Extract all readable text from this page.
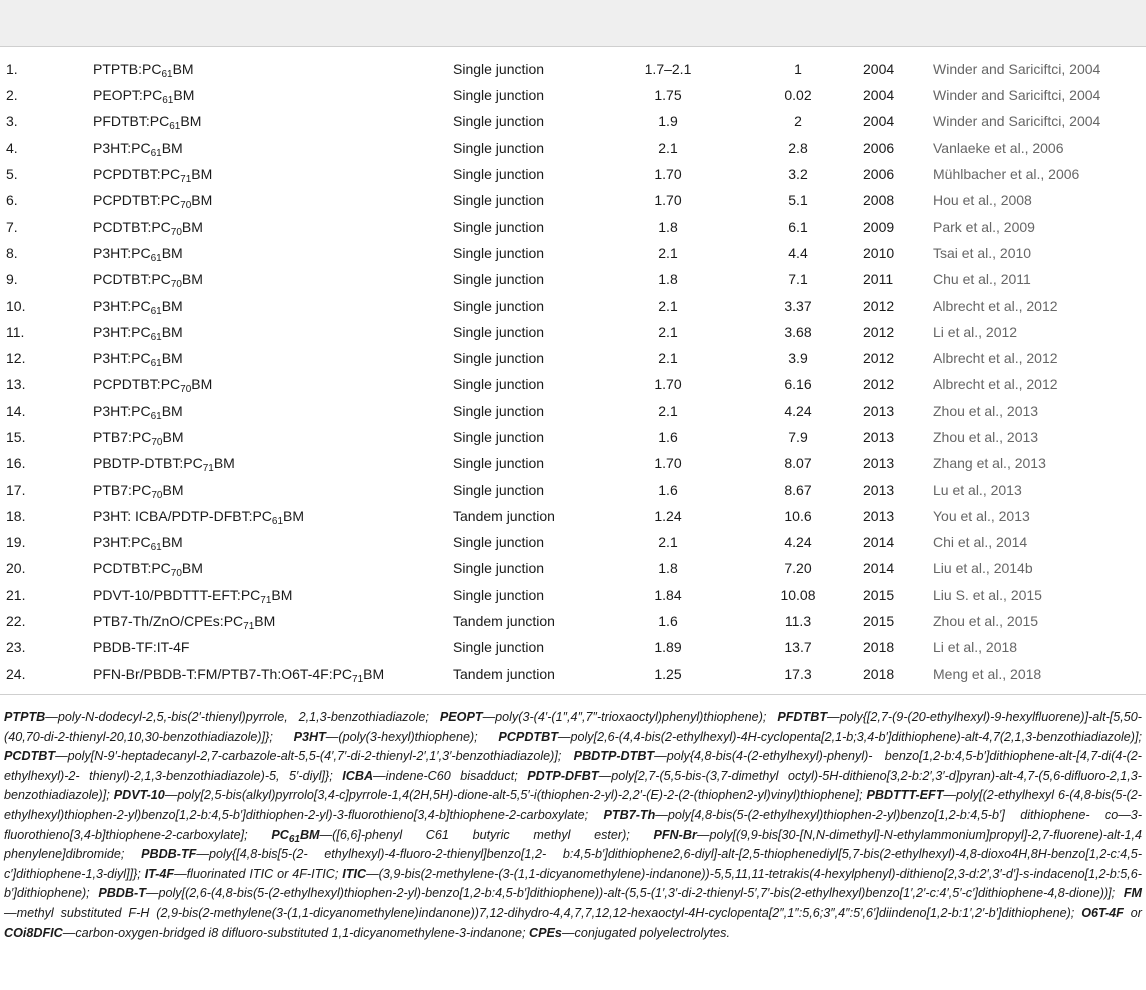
1.	$PTPTB:PC_{61}BM$	Single junction	1.7–2.1	1	2004	Winder and Sariciftci, 2004
2.	$PEOPT:PC_{61}BM$	Single junction	1.75	0.02	2004	Winder and Sariciftci, 2004
3.	$PFDTBT:PC_{61}BM$	Single junction	1.9	2	2004	Winder and Sariciftci, 2004
4.	$P3HT:PC_{61}BM$	Single junction	2.1	2.8	2006	Vanlaeke et al., 2006
5.	$PCPDTBT:PC_{71}BM$	Single junction	1.70	3.2	2006	Mühlbacher et al., 2006
6.	$PCPDTBT:PC_{70}BM$	Single junction	1.70	5.1	2008	Hou et al., 2008
7.	$PCDTBT:PC_{70}BM$	Single junction	1.8	6.1	2009	Park et al., 2009
8.	$P3HT:PC_{61}BM$	Single junction	2.1	4.4	2010	Tsai et al., 2010
9.	$PCDTBT:PC_{70}BM$	Single junction	1.8	7.1	2011	Chu et al., 2011
10.	$P3HT:PC_{61}BM$	Single junction	2.1	3.37	2012	Albrecht et al., 2012
11.	$P3HT:PC_{61}BM$	Single junction	2.1	3.68	2012	Li et al., 2012
12.	$P3HT:PC_{61}BM$	Single junction	2.1	3.9	2012	Albrecht et al., 2012
13.	$PCPDTBT:PC_{70}BM$	Single junction	1.70	6.16	2012	Albrecht et al., 2012
14.	$P3HT:PC_{61}BM$	Single junction	2.1	4.24	2013	Zhou et al., 2013
15.	$PTB7:PC_{70}BM$	Single junction	1.6	7.9	2013	Zhou et al., 2013
16.	PBDTP-$DTBT:PC_{71}BM$	Single junction	1.70	8.07	2013	Zhang et al., 2013
17.	$PTB7:PC_{70}BM$	Single junction	1.6	8.67	2013	Lu et al., 2013
18.	P3HT: ICBA/$PDTP-DFBT:PC_{61}BM$	Tandem junction	1.24	10.6	2013	You et al., 2013
19.	$P3HT:PC_{61}BM$	Single junction	2.1	4.24	2014	Chi et al., 2014
20.	$PCDTBT:PC_{70}BM$	Single junction	1.8	7.20	2014	Liu et al., 2014b
21.	PDVT-$10/PBDTTT-EFT:PC_{71}BM$	Single junction	1.84	10.08	2015	Liu S. et al., 2015
22.	$PTB7-Th/ZnO/CPEs:PC_{71}BM$	Tandem junction	1.6	11.3	2015	Zhou et al., 2015
23.	PBDB-TF:IT-4F	Single junction	1.89	13.7	2018	Li et al., 2018
24.	PFN-$Br/PBDB-T:FM/PTB7-Th:O6T-4F:PC_{71}BM$	Tandem junction	1.25	17.3	2018	Meng et al., 2018
PTPTB—poly-N-dodecyl-2,5,-bis(2′-thienyl)pyrrole, 2,1,3-benzothiadiazole; PEOPT—poly(3-(4′-(1″,4″,7″-trioxaoctyl)phenyl)thiophene); PFDTBT—poly{[2,7-(9-(20-ethylhexyl)-9-hexylfluorene)]-alt-[5,50-(40,70-di-2-thienyl-20,10,30-benzothiadiazole)]}; P3HT—(poly(3-hexyl)thiophene); PCPDTBT—poly[2,6-(4,4-bis(2-ethylhexyl)-4H-cyclopenta[2,1-b;3,4-b′]dithiophene)-alt-4,7(2,1,3-benzothiadiazole)]; PCDTBT—poly[N-9′-heptadecanyl-2,7-carbazole-alt-5,5-(4′,7′-di-2-thienyl-2′,1′,3′-benzothiadiazole)]; PBDTP-DTBT—poly{4,8-bis(4-(2-ethylhexyl)-phenyl)- benzo[1,2-b:4,5-b′]dithiophene-alt-[4,7-di(4-(2-ethylhexyl)-2- thienyl)-2,1,3-benzothiadiazole)-5, 5′-diyl]}; ICBA—indene-C60 bisadduct; PDTP-DFBT—poly[2,7-(5,5-bis-(3,7-dimethyl octyl)-5H-dithieno[3,2-b:2′,3′-d]pyran)-alt-4,7-(5,6-difluoro-2,1,3-benzothiadiazole)]; PDVT-10—poly[2,5-bis(alkyl)pyrrolo[3,4-c]pyrrole-1,4(2H,5H)-dione-alt-5,5′-i(thiophen-2-yl)-2,2′-(E)-2-(2-(thiophen2-yl)vinyl)thiophene]; PBDTTT-EFT—poly[(2-ethylhexyl 6-(4,8-bis(5-(2-ethylhexyl)thiophen-2-yl)benzo[1,2-b:4,5-b′]dithiophen-2-yl)-3-fluorothieno[3,4-b]thiophene-2-carboxylate; PTB7-Th—poly[4,8-bis(5-(2-ethylhexyl)thiophen-2-yl)benzo[1,2-b:4,5-b′] dithiophene- co—3-fluorothieno[3,4-b]thiophene-2-carboxylate]; $PC_{61}BM—([6,6]$-phenyl C61 butyric methyl ester); PFN-Br—poly[(9,9-bis[30-[N,N-dimethyl]-N-ethylammonium]propyl]-2,7-fluorene)-alt-1,4 phenylene]dibromide; PBDB-TF—poly{[4,8-bis[5-(2- ethylhexyl)-4-fluoro-2-thienyl]benzo[1,2- b:4,5-b′]dithiophene2,6-diyl]-alt-[2,5-thiophenediyl[5,7-bis(2-ethylhexyl)-4,8-dioxo4H,8H-benzo[1,2-c:4,5-c′]dithiophene-1,3-diyl]]}; IT-4F—fluorinated ITIC or 4F-ITIC; ITIC—(3,9-bis(2-methylene-(3-(1,1-dicyanomethylene)-indanone))-5,5,11,11-tetrakis(4-hexylphenyl)-dithieno[2,3-d:2′,3′-d′]-s-indaceno[1,2-b:5,6-b′]dithiophene); PBDB-T—poly[(2,6-(4,8-bis(5-(2-ethylhexyl)thiophen-2-yl)-benzo[1,2-b:4,5-b′]dithiophene))-alt-(5,5-(1′,3′-di-2-thienyl-5′,7′-bis(2-ethylhexyl)benzo[1′,2′-c:4′,5′-c′]dithiophene-4,8-dione))]; FM—methyl substituted F-H (2,9-bis(2-methylene(3-(1,1-dicyanomethylene)indanone))7,12-dihydro-4,4,7,7,12,12-hexaoctyl-4H-cyclopenta[2″,1″:5,6;3″,4″:5′,6′]diindeno[1,2-b:1′,2′-b′]dithiophene); O6T-4F or COi8DFIC—carbon-oxygen-bridged i8 difluoro-substituted 1,1-dicyanomethylene-3-indanone; CPEs—conjugated polyelectrolytes.
